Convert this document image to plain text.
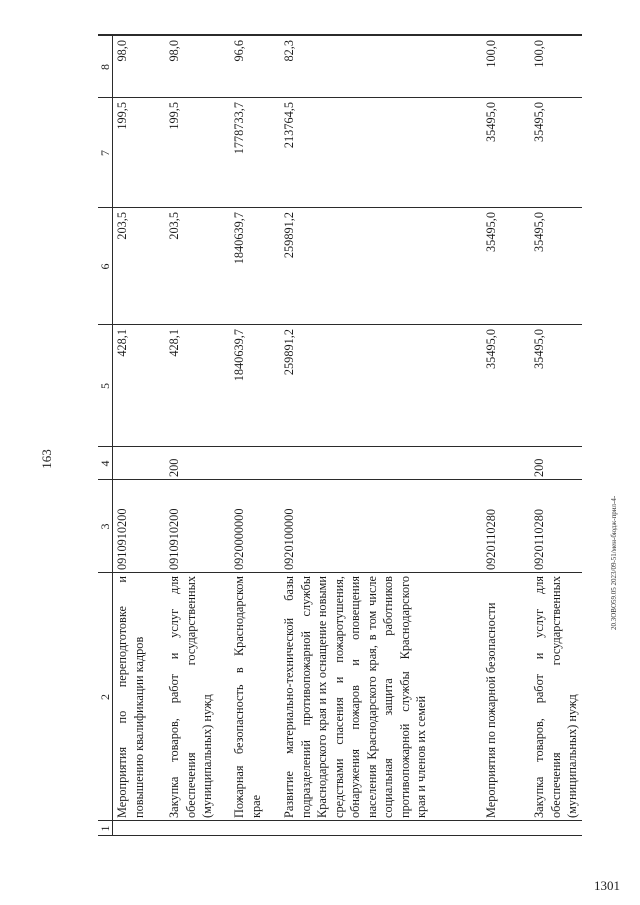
163
20.3ОВО59.05 2023/09-51/мен-бюдж-прил-4-
1301
1
2
3
4
5
6
7
8
Мероприятия по переподготовке и повышению квалификации кадров
0910910200
428,1
203,5
199,5
98,0
Закупка товаров, работ и услуг для обеспечения государственных (муниципальных) нужд
0910910200
200
428,1
203,5
199,5
98,0
Пожарная безопасность в Краснодарском крае
0920000000
1840639,7
1840639,7
1778733,7
96,6
Развитие материально-технической базы подразделений противопожарной службы Краснодарского края и их оснащение новыми средствами спасения и пожаротушения, обнаружения пожаров и оповещения населения Краснодарского края, в том числе социальная защита работников противопожарной службы Краснодарского края и членов их семей
0920100000
259891,2
259891,2
213764,5
82,3
Мероприятия по пожарной безопасности
0920110280
35495,0
35495,0
35495,0
100,0
Закупка товаров, работ и услуг для обеспечения государственных (муниципальных) нужд
0920110280
200
35495,0
35495,0
35495,0
100,0
